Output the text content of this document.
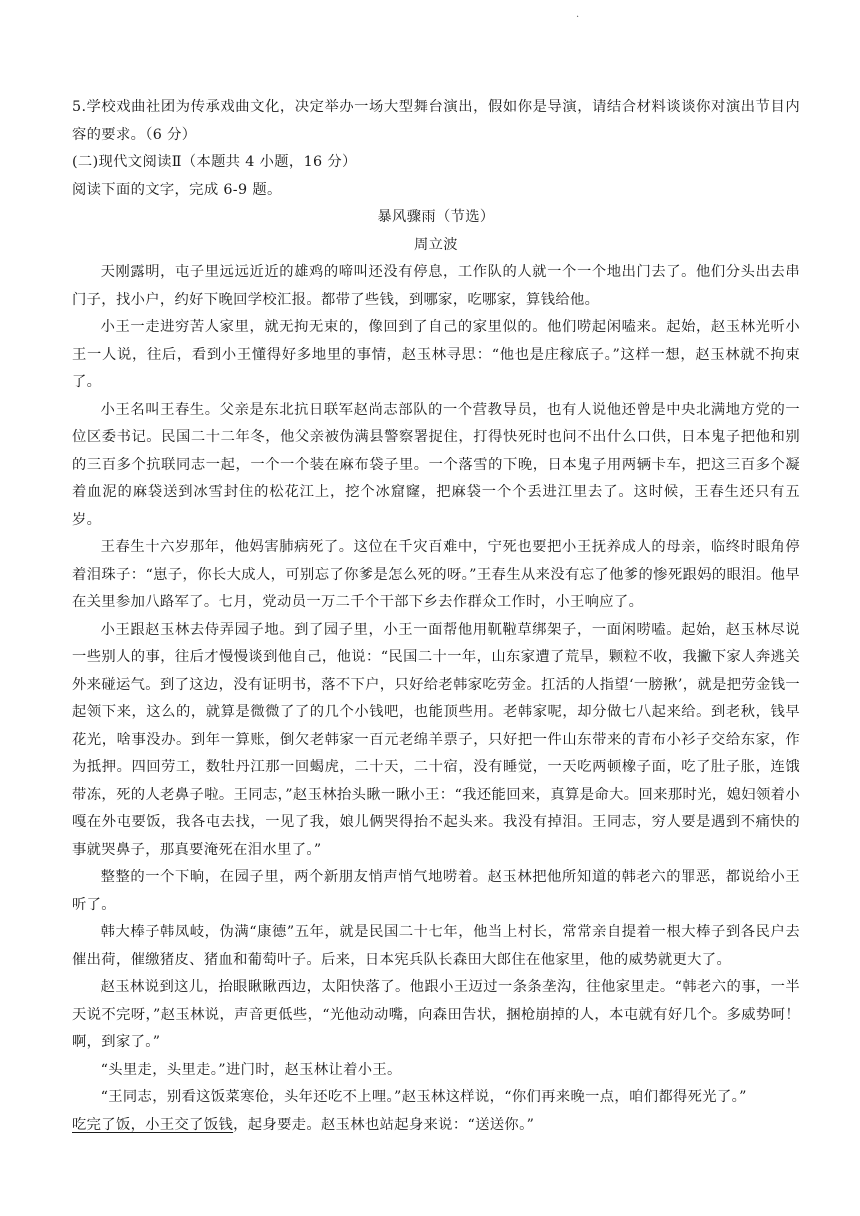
·

5.学校戏曲社团为传承戏曲文化，决定举办一场大型舞台演出，假如你是导演，请结合材料谈谈你对演出节目内容的要求。（6 分）

(二)现代文阅读Ⅱ（本题共 4 小题，16 分）

阅读下面的文字，完成 6-9 题。

暴风骤雨（节选）

周立波

天刚露明，屯子里远远近近的雄鸡的啼叫还没有停息，工作队的人就一个一个地出门去了。他们分头出去串门子，找小户，约好下晚回学校汇报。都带了些钱，到哪家，吃哪家，算钱给他。

小王一走进穷苦人家里，就无拘无束的，像回到了自己的家里似的。他们唠起闲嗑来。起始，赵玉林光听小王一人说，往后，看到小王懂得好多地里的事情，赵玉林寻思：“他也是庄稼底子。”这样一想，赵玉林就不拘束了。

小王名叫王春生。父亲是东北抗日联军赵尚志部队的一个营教导员，也有人说他还曾是中央北满地方党的一位区委书记。民国二十二年冬，他父亲被伪满县警察署捉住，打得快死时也问不出什么口供，日本鬼子把他和别的三百多个抗联同志一起，一个一个装在麻布袋子里。一个落雪的下晚，日本鬼子用两辆卡车，把这三百多个凝着血泥的麻袋送到冰雪封住的松花江上，挖个冰窟窿，把麻袋一个个丢进江里去了。这时候，王春生还只有五岁。

王春生十六岁那年，他妈害肺病死了。这位在千灾百难中，宁死也要把小王抚养成人的母亲，临终时眼角停着泪珠子：“崽子，你长大成人，可别忘了你爹是怎么死的呀。”王春生从来没有忘了他爹的惨死跟妈的眼泪。他早在关里参加八路军了。七月，党动员一万二千个干部下乡去作群众工作时，小王响应了。

小王跟赵玉林去侍弄园子地。到了园子里，小王一面帮他用靰鞡草绑架子，一面闲唠嗑。起始，赵玉林尽说一些别人的事，往后才慢慢谈到他自己，他说：“民国二十一年，山东家遭了荒旱，颗粒不收，我撇下家人奔逃关外来碰运气。到了这边，没有证明书，落不下户，只好给老韩家吃劳金。扛活的人指望‘一膀揪’，就是把劳金钱一起领下来，这么的，就算是微微了了的几个小钱吧，也能顶些用。老韩家呢，却分做七八起来给。到老秋，钱早花光，啥事没办。到年一算账，倒欠老韩家一百元老绵羊票子，只好把一件山东带来的青布小衫子交给东家，作为抵押。四回劳工，数牡丹江那一回蝎虎，二十天，二十宿，没有睡觉，一天吃两顿橡子面，吃了肚子胀，连饿带冻，死的人老鼻子啦。王同志，”赵玉林抬头瞅一瞅小王：“我还能回来，真算是命大。回来那时光，媳妇领着小嘎在外屯要饭，我各屯去找，一见了我，娘儿俩哭得抬不起头来。我没有掉泪。王同志，穷人要是遇到不痛快的事就哭鼻子，那真要淹死在泪水里了。”

整整的一个下晌，在园子里，两个新朋友悄声悄气地唠着。赵玉林把他所知道的韩老六的罪恶，都说给小王听了。

韩大棒子韩凤岐，伪满“康德”五年，就是民国二十七年，他当上村长，常常亲自提着一根大棒子到各民户去催出荷，催缴猪皮、猪血和葡萄叶子。后来，日本宪兵队长森田大郎住在他家里，他的威势就更大了。

赵玉林说到这儿，抬眼瞅瞅西边，太阳快落了。他跟小王迈过一条条垄沟，往他家里走。“韩老六的事，一半天说不完呀，”赵玉林说，声音更低些，“光他动动嘴，向森田告状，捆枪崩掉的人，本屯就有好几个。多威势呵！啊，到家了。”

“头里走，头里走。”进门时，赵玉林让着小王。

“王同志，别看这饭菜寒伧，头年还吃不上哩。”赵玉林这样说，“你们再来晚一点，咱们都得死光了。”

吃完了饭，小王交了饭钱，起身要走。赵玉林也站起身来说：“送送你。”
